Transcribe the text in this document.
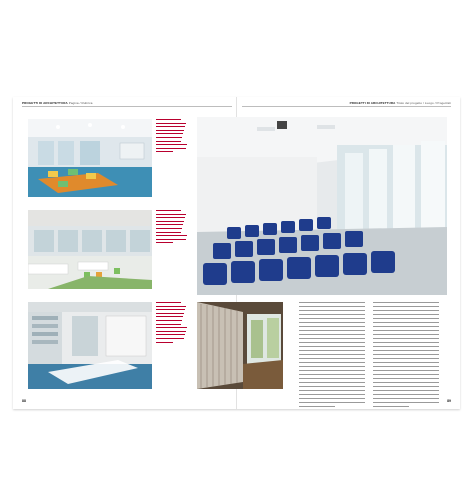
PROGETTI DI ARCHITETTURA Pagina / Rubrica	PROGETTI DI ARCHITETTURA Titolo del progetto / Luogo / Progettisti
88	89
